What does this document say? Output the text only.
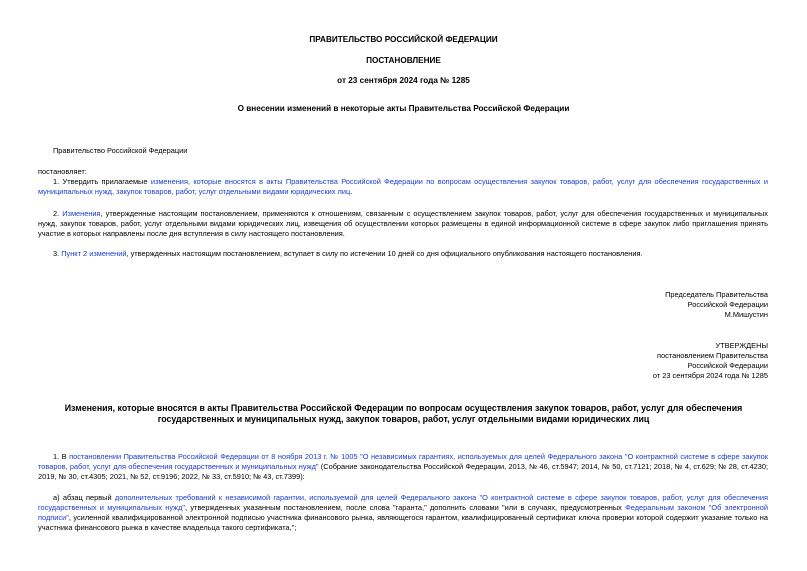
ПРАВИТЕЛЬСТВО РОССИЙСКОЙ ФЕДЕРАЦИИ
ПОСТАНОВЛЕНИЕ
от 23 сентября 2024 года № 1285
О внесении изменений в некоторые акты Правительства Российской Федерации
Правительство Российской Федерации
постановляет:
1. Утвердить прилагаемые изменения, которые вносятся в акты Правительства Российской Федерации по вопросам осуществления закупок товаров, работ, услуг для обеспечения государственных и муниципальных нужд, закупок товаров, работ, услуг отдельными видами юридических лиц.
2. Изменения, утвержденные настоящим постановлением, применяются к отношениям, связанным с осуществлением закупок товаров, работ, услуг для обеспечения государственных и муниципальных нужд, закупок товаров, работ, услуг отдельными видами юридических лиц, извещения об осуществлении которых размещены в единой информационной системе в сфере закупок либо приглашения принять участие в которых направлены после дня вступления в силу настоящего постановления.
3. Пункт 2 изменений, утвержденных настоящим постановлением, вступает в силу по истечении 10 дней со дня официального опубликования настоящего постановления.
Председатель Правительства
Российской Федерации
М.Мишустин
УТВЕРЖДЕНЫ
постановлением Правительства
Российской Федерации
от 23 сентября 2024 года № 1285
Изменения, которые вносятся в акты Правительства Российской Федерации по вопросам осуществления закупок товаров, работ, услуг для обеспечения государственных и муниципальных нужд, закупок товаров, работ, услуг отдельными видами юридических лиц
1. В постановлении Правительства Российской Федерации от 8 ноября 2013 г. № 1005 "О независимых гарантиях, используемых для целей Федерального закона "О контрактной системе в сфере закупок товаров, работ, услуг для обеспечения государственных и муниципальных нужд" (Собрание законодательства Российской Федерации, 2013, № 46, ст.5947; 2014, № 50, ст.7121; 2018, № 4, ст.629; № 28, ст.4230; 2019, № 30, ст.4305; 2021, № 52, ст.9196; 2022, № 33, ст.5910; № 43, ст.7399):
а) абзац первый дополнительных требований к независимой гарантии, используемой для целей Федерального закона "О контрактной системе в сфере закупок товаров, работ, услуг для обеспечения государственных и муниципальных нужд", утвержденных указанным постановлением, после слова "гаранта," дополнить словами "или в случаях, предусмотренных Федеральным законом "Об электронной подписи", усиленной квалифицированной электронной подписью участника финансового рынка, являющегося гарантом, квалифицированный сертификат ключа проверки которой содержит указание только на участника финансового рынка в качестве владельца такого сертификата,";
